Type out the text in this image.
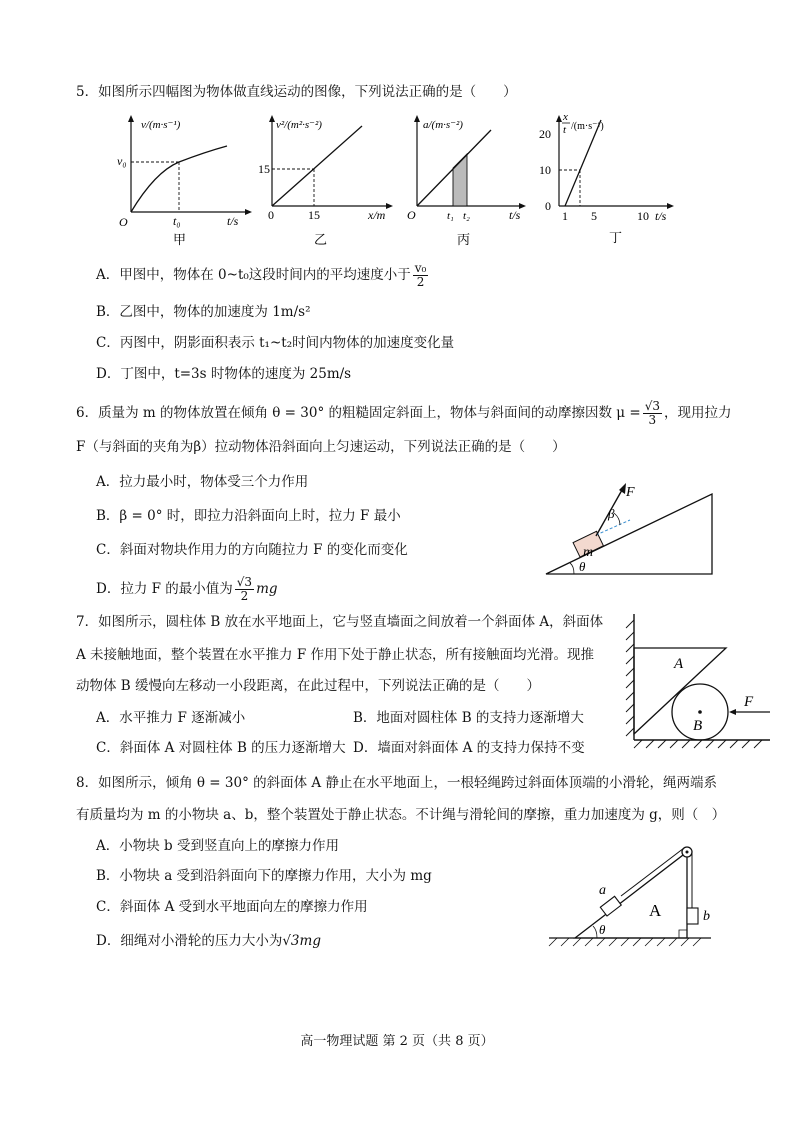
5．如图所示四幅图为物体做直线运动的图像，下列说法正确的是（　　）
v/(m·s⁻¹)
t/s
O
v₀
t₀
甲
v²/(m²·s⁻²)
x/m
0
15
15
乙
a/(m·s⁻²)
t/s
O	t₁ t₂
丙
x
t /(m·s⁻¹)
20
10
0
1 5	10 t/s
丁
A．甲图中，物体在 0~t₀这段时间内的平均速度小于 $\frac{\text{v₀}}{2}$
B．乙图中，物体的加速度为 1m/s²
C．丙图中，阴影面积表示 t₁~t₂时间内物体的加速度变化量
D．丁图中，t=3s 时物体的速度为 25m/s
6．质量为 m 的物体放置在倾角 θ = 30° 的粗糙固定斜面上，物体与斜面间的动摩擦因数 $\mu = \frac{√3}{3}$ ，现用拉力
F（与斜面的夹角为β）拉动物体沿斜面向上匀速运动，下列说法正确的是（　　）
A．拉力最小时，物体受三个力作用
B．β = 0° 时，即拉力沿斜面向上时，拉力 F 最小
C．斜面对物块作用力的方向随拉力 F 的变化而变化
D．拉力 F 的最小值为 $\frac{√3}{2}$ mg
m
F
β
θ
7．如图所示，圆柱体 B 放在水平地面上，它与竖直墙面之间放着一个斜面体 A，斜面体
A 未接触地面，整个装置在水平推力 F 作用下处于静止状态，所有接触面均光滑。现推
动物体 B 缓慢向左移动一小段距离，在此过程中，下列说法正确的是（　　）
A．水平推力 F 逐渐减小	B．地面对圆柱体 B 的支持力逐渐增大
C．斜面体 A 对圆柱体 B 的压力逐渐增大 D．墙面对斜面体 A 的支持力保持不变
A
B
F
8．如图所示，倾角 θ = 30° 的斜面体 A 静止在水平地面上，一根轻绳跨过斜面体顶端的小滑轮，绳两端系
有质量均为 m 的小物块 a、b，整个装置处于静止状态。不计绳与滑轮间的摩擦，重力加速度为 g，则（　）
A．小物块 b 受到竖直向上的摩擦力作用
B．小物块 a 受到沿斜面向下的摩擦力作用，大小为 mg
C．斜面体 A 受到水平地面向左的摩擦力作用
D．细绳对小滑轮的压力大小为√3mg
a
b
A
θ
高一物理试题 第 2 页（共 8 页）
